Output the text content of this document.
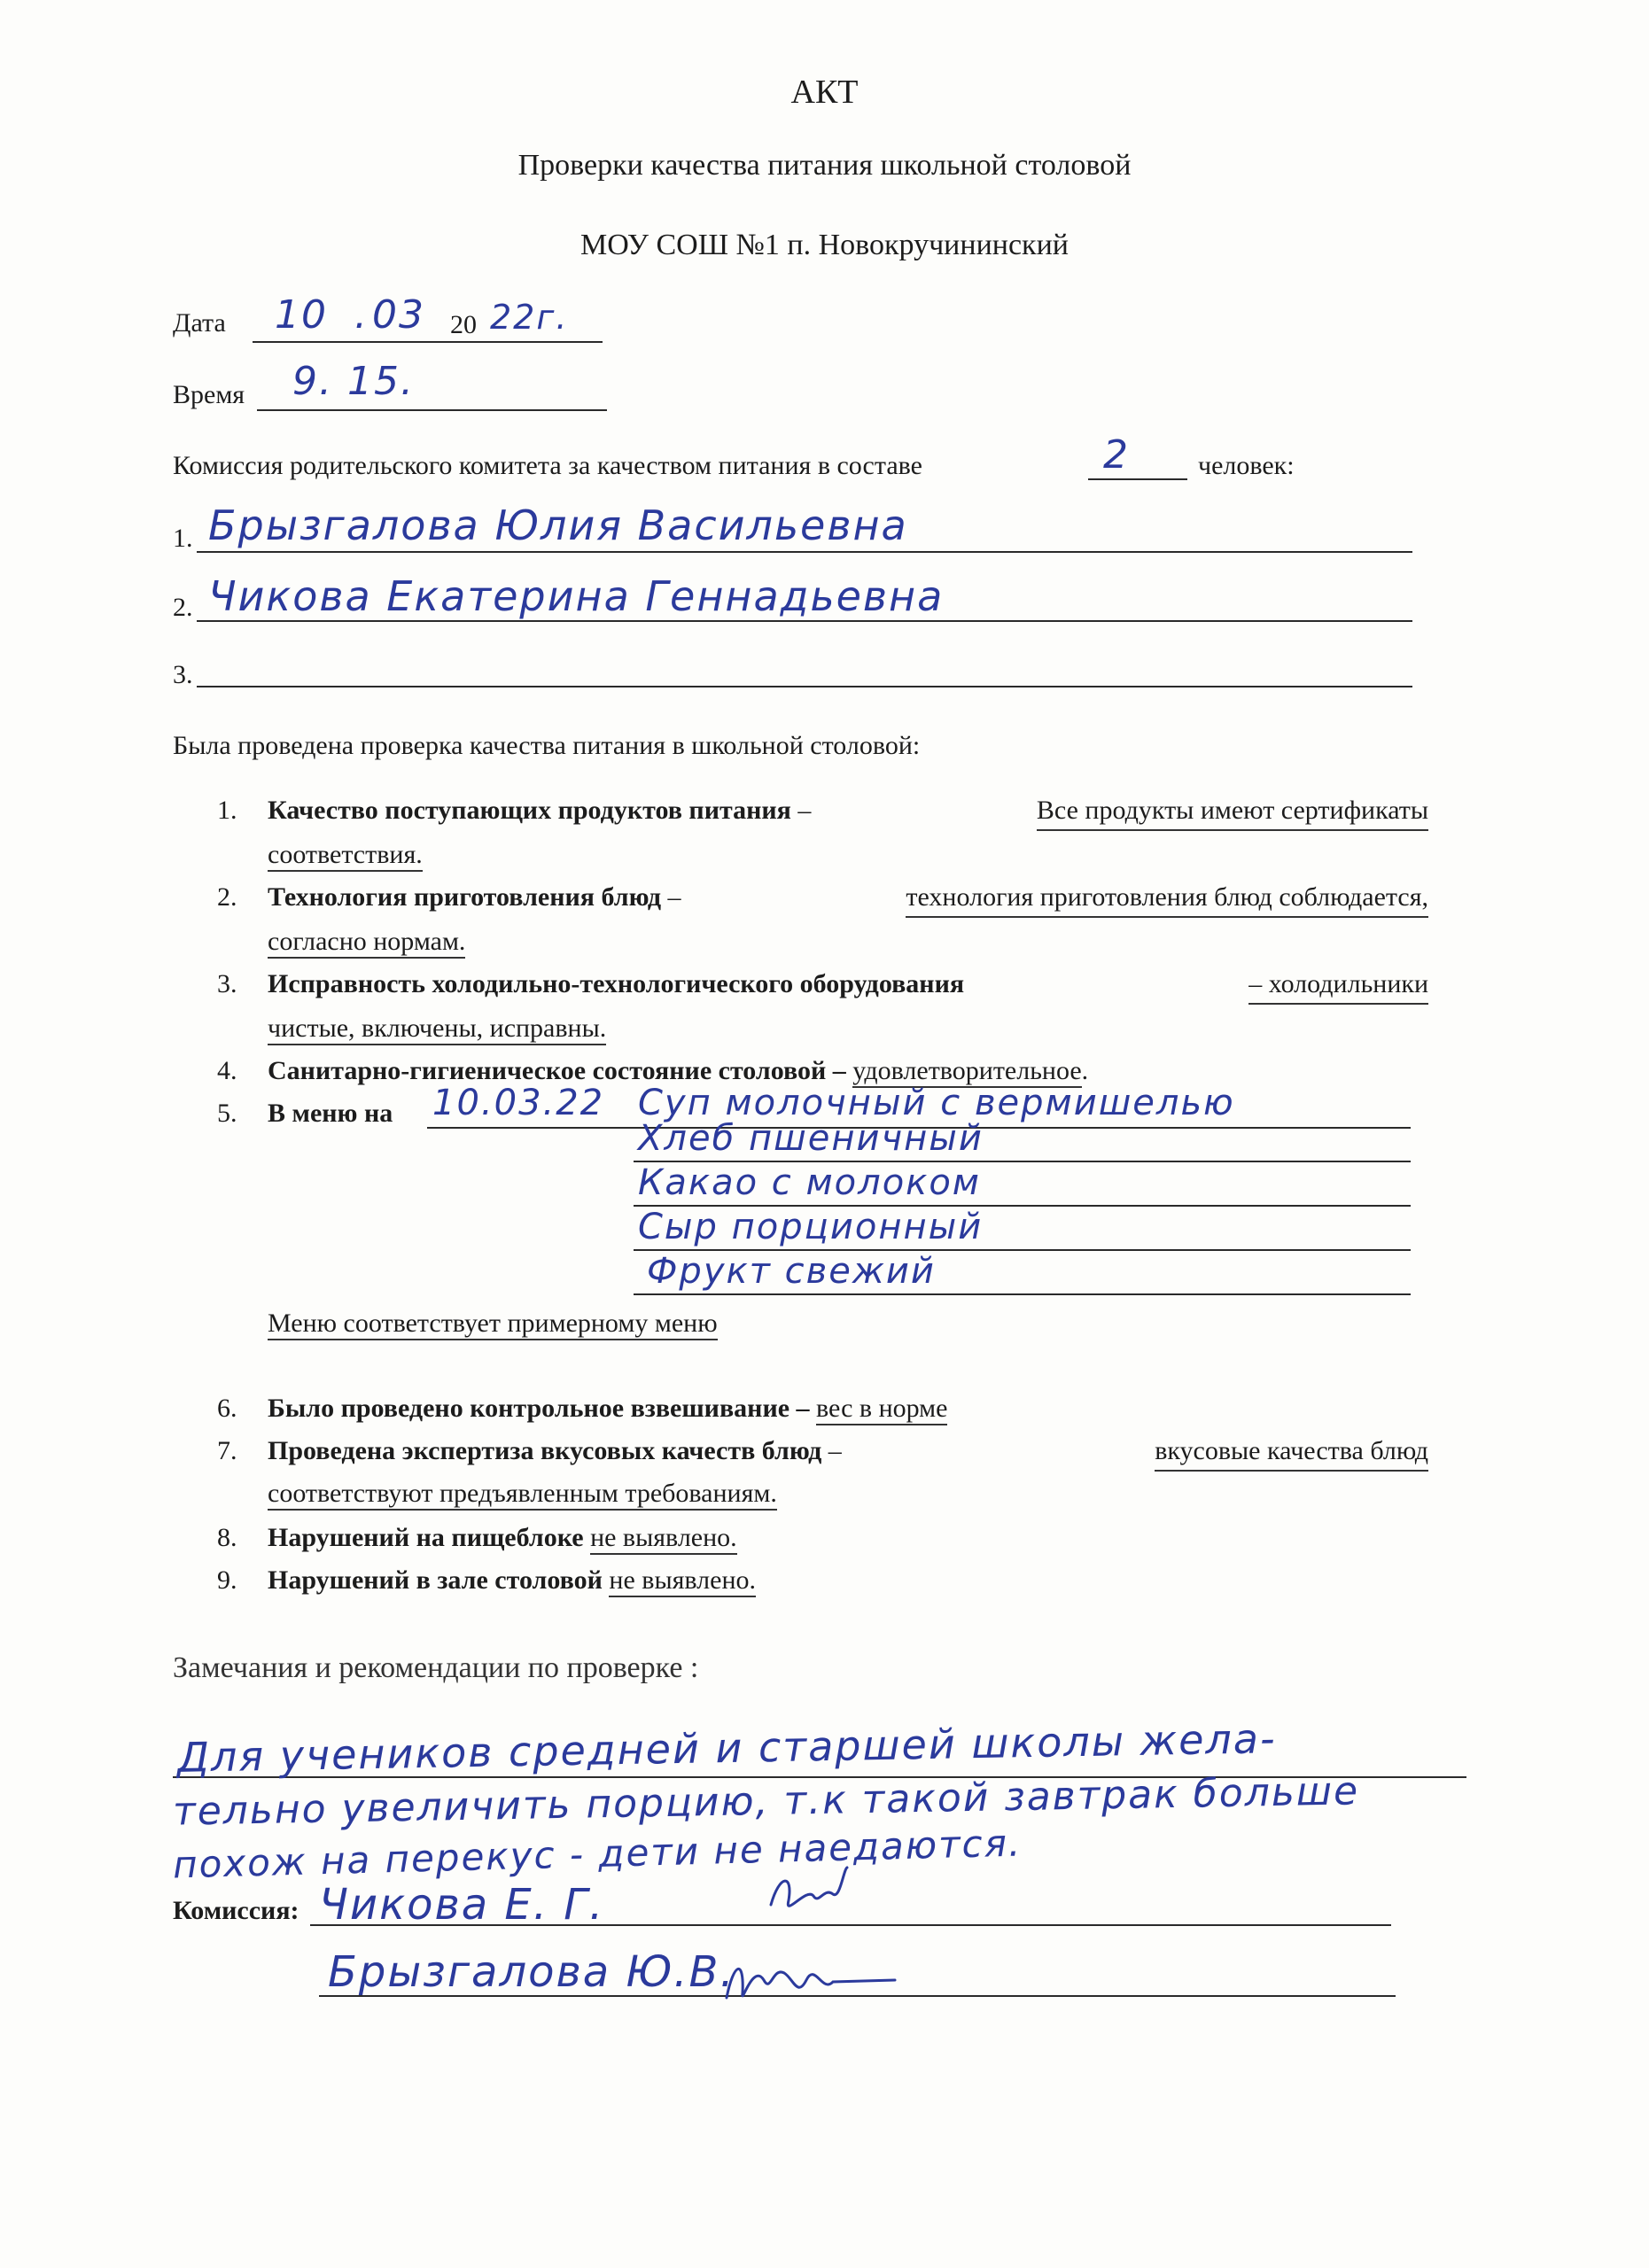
АКТ
Проверки качества питания школьной столовой
МОУ СОШ №1 п. Новокручининский
Дата 10 . 03 20 22г.
Время 9. 15.
Комиссия родительского комитета за качеством питания в составе	2	человек:
1. Брызгалова Юлия Васильевна
2. Чикова Екатерина Геннадьевна
3.
Была проведена проверка качества питания в школьной столовой:
1. Качество поступающих продуктов питания –	Все продукты имеют сертификаты
соответствия.
2. Технология приготовления блюд –	технология приготовления блюд соблюдается,
согласно нормам.
3. Исправность холодильно-технологического оборудования	– холодильники
чистые, включены, исправны.
4. Санитарно-гигиеническое состояние столовой – удовлетворительное.
5. В меню на 10.03.22 Суп молочный с вермишелью
Хлеб пшеничный
Какао с молоком
Сыр порционный
Фрукт свежий
Меню соответствует примерному меню
6. Было проведено контрольное взвешивание – вес в норме
7. Проведена экспертиза вкусовых качеств блюд –	вкусовые качества блюд
соответствуют предъявленным требованиям.
8. Нарушений на пищеблоке не выявлено.
9. Нарушений в зале столовой не выявлено.
Замечания и рекомендации по проверке :
Для учеников средней и старшей школы жела-
тельно увеличить порцию, т.к такой завтрак больше
похож на перекус - дети не наедаются.
Комиссия: Чикова Е. Г.
Брызгалова Ю.В.
